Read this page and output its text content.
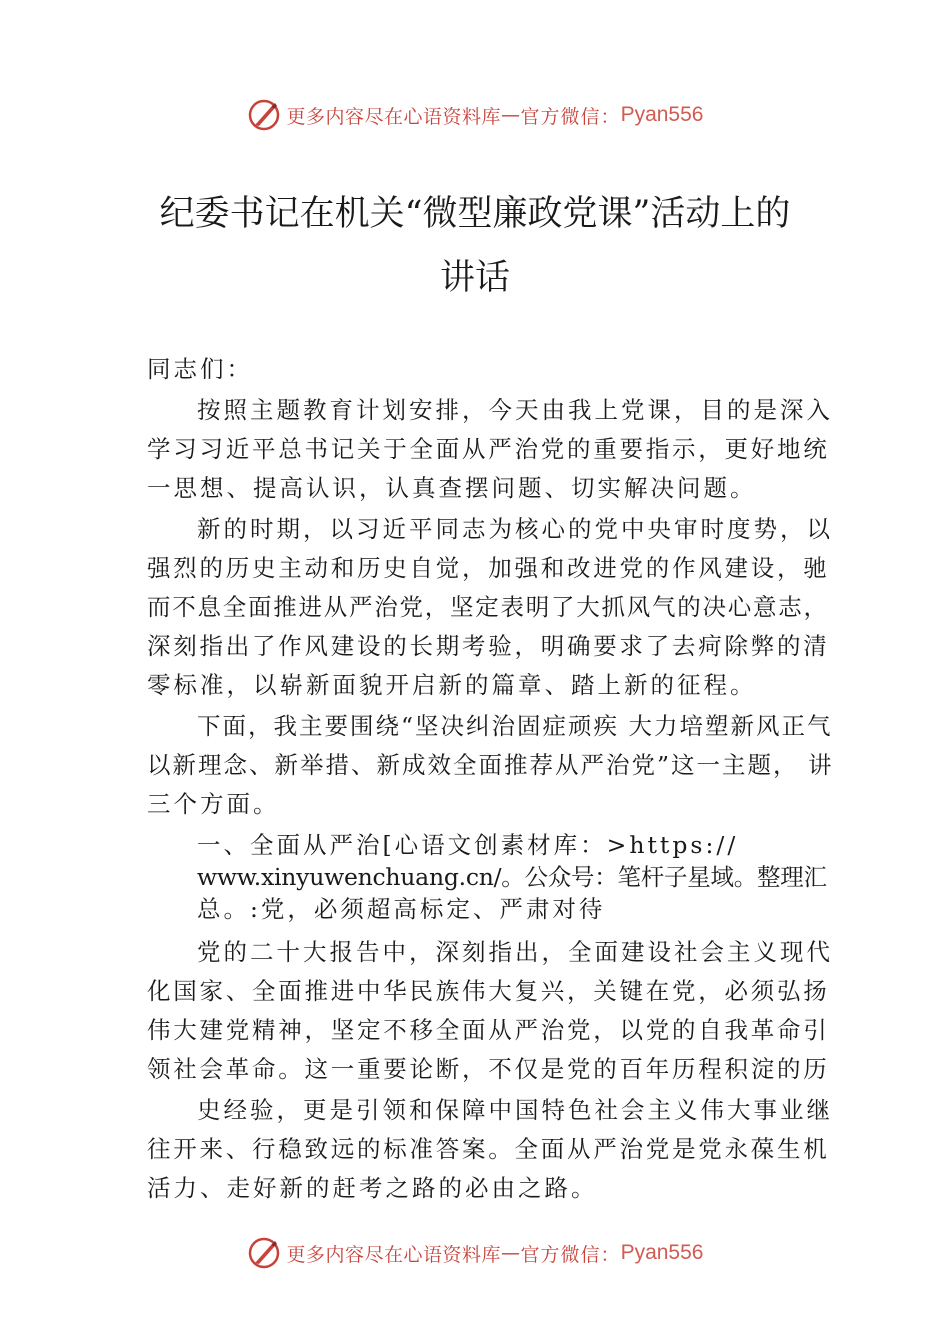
更多内容尽在心语资料库 — 官方微信： Pyan556
纪委书记在机关“微型廉政党课”活动上的
讲话
同志们：
按照主题教育计划安排，今天由我上党课，目的是深入
学习习近平总书记关于全面从严治党的重要指示，更好地统
一思想、提高认识，认真查摆问题、切实解决问题。
新的时期，以习近平同志为核心的党中央审时度势，以
强烈的历史主动和历史自觉，加强和改进党的作风建设，驰
而不息全面推进从严治党，坚定表明了大抓风气的决心意志，
深刻指出了作风建设的长期考验，明确要求了去疴除弊的清
零标准，以崭新面貌开启新的篇章、踏上新的征程。
下面，我主要围绕“坚决纠治固症顽疾 大力培塑新风正气
以新理念、新举措、新成效全面推荐从严治党”这一主题， 讲
三个方面。
一、全面从严治[心语文创素材库：>https://
www.xinyuwenchuang.cn/。公众号：笔杆子星域。整理汇
总。:党，必须超高标定、严肃对待
党的二十大报告中，深刻指出，全面建设社会主义现代
化国家、全面推进中华民族伟大复兴，关键在党，必须弘扬
伟大建党精神，坚定不移全面从严治党，以党的自我革命引
领社会革命。这一重要论断，不仅是党的百年历程积淀的历
史经验，更是引领和保障中国特色社会主义伟大事业继
往开来、行稳致远的标准答案。全面从严治党是党永葆生机
活力、走好新的赶考之路的必由之路。
更多内容尽在心语资料库 — 官方微信： Pyan556
